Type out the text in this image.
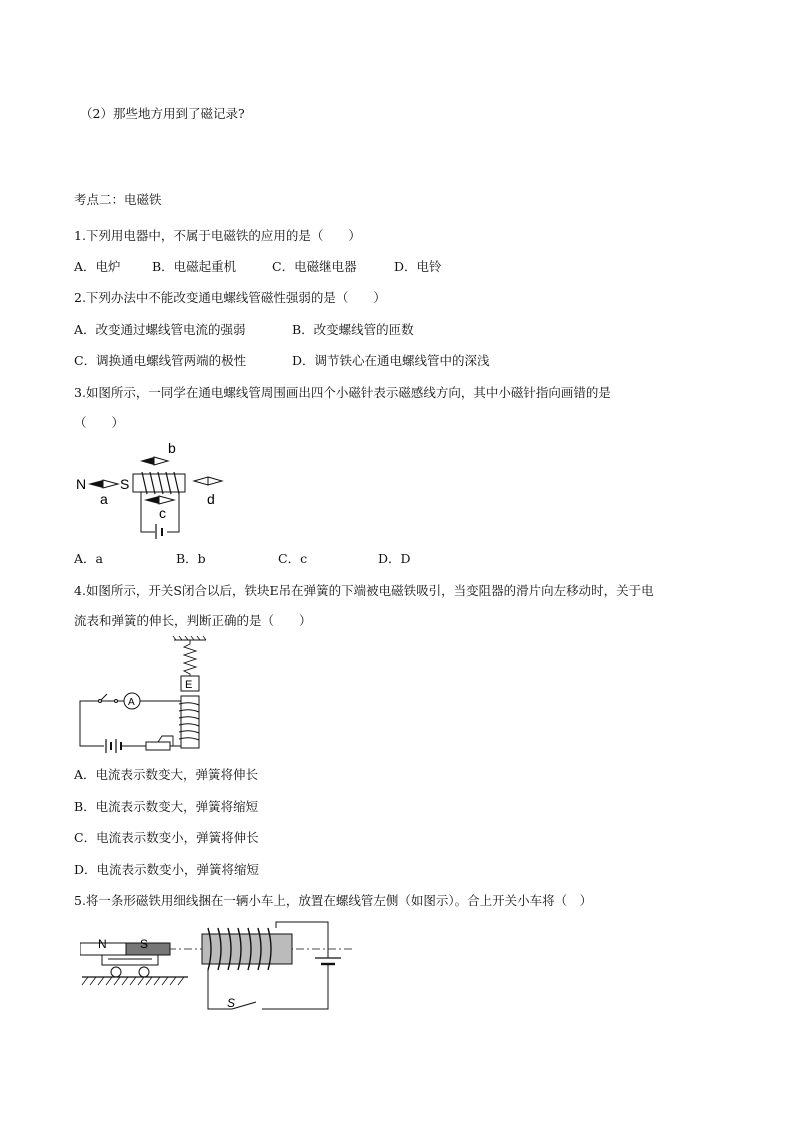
（2）那些地方用到了磁记录?
考点二：电磁铁
1.下列用电器中，不属于电磁铁的应用的是（　　）
A．电炉	B．电磁起重机	C．电磁继电器	D．电铃
2.下列办法中不能改变通电螺线管磁性强弱的是（　　）
A．改变通过螺线管电流的强弱	B．改变螺线管的匝数
C．调换通电螺线管两端的极性	D．调节铁心在通电螺线管中的深浅
3.如图所示，一同学在通电螺线管周围画出四个小磁针表示磁感线方向，其中小磁针指向画错的是
（　　）
b
N S
a	d
c
A．a	B．b	C．c	D．D
4.如图所示，开关S闭合以后，铁块E吊在弹簧的下端被电磁铁吸引，当变阻器的滑片向左移动时，关于电
流表和弹簧的伸长，判断正确的是（　　）
E
A
A．电流表示数变大，弹簧将伸长
B．电流表示数变大，弹簧将缩短
C．电流表示数变小，弹簧将伸长
D．电流表示数变小，弹簧将缩短
5.将一条形磁铁用细线捆在一辆小车上，放置在螺线管左侧（如图示）。合上开关小车将（　）
N	S
S
